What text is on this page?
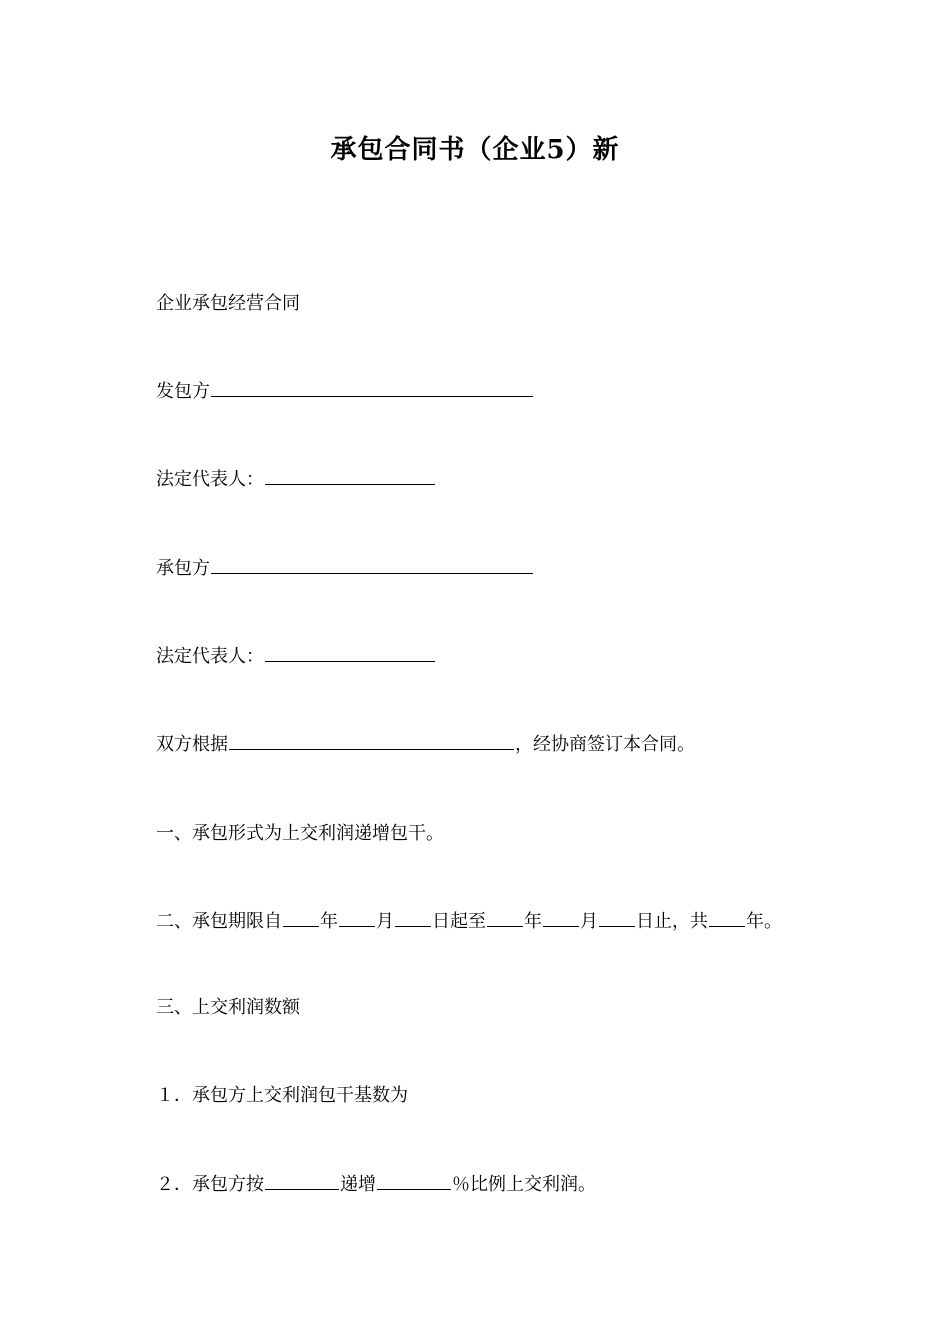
承包合同书（企业5）新
企业承包经营合同
发包方
法定代表人：
承包方
法定代表人：
双方根据	，经协商签订本合同。
一、承包形式为上交利润递增包干。
二、承包期限自 年 月 日起至 年 月 日止，共 年。
三、上交利润数额
１．承包方上交利润包干基数为
２．承包方按	递增	％比例上交利润。
